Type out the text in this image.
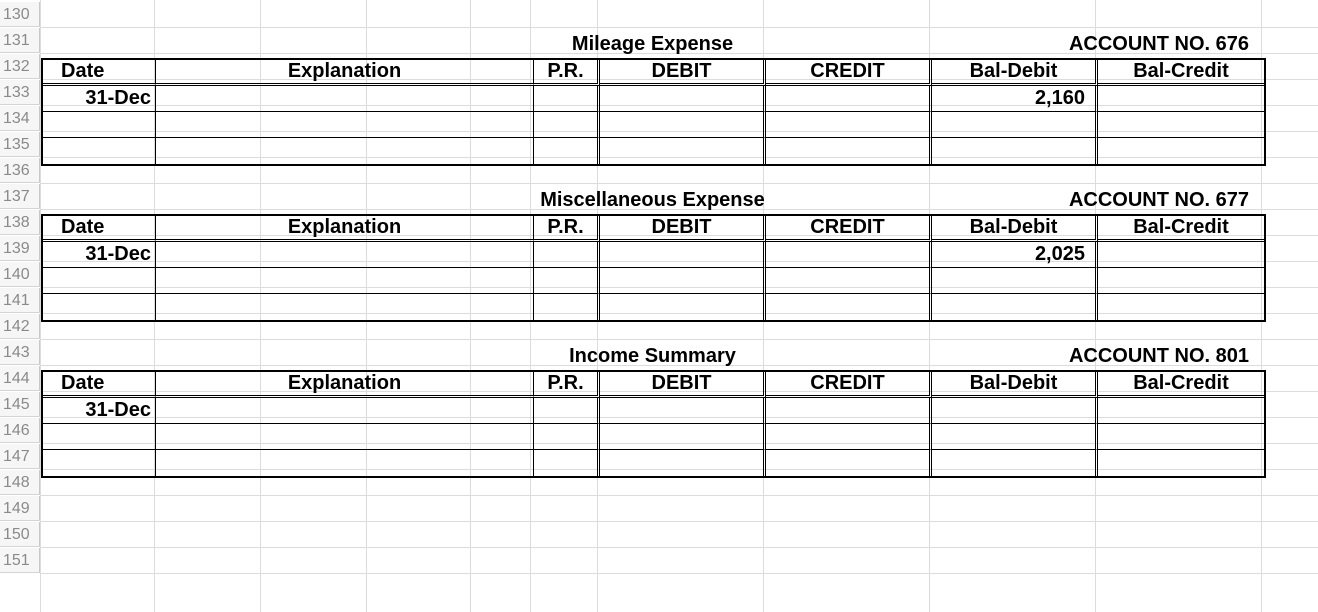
130
131
132
133
134
135
136
137
138
139
140
141
142
143
144
145
146
147
148
149
150
151
Mileage Expense	ACCOUNT NO. 676
Date	Explanation	P.R.	DEBIT	CREDIT	Bal-Debit	Bal-Credit
31-Dec					2,160	

Miscellaneous Expense	ACCOUNT NO. 677
Date	Explanation	P.R.	DEBIT	CREDIT	Bal-Debit	Bal-Credit
31-Dec					2,025	

Income Summary	ACCOUNT NO. 801
Date	Explanation	P.R.	DEBIT	CREDIT	Bal-Debit	Bal-Credit
31-Dec						
